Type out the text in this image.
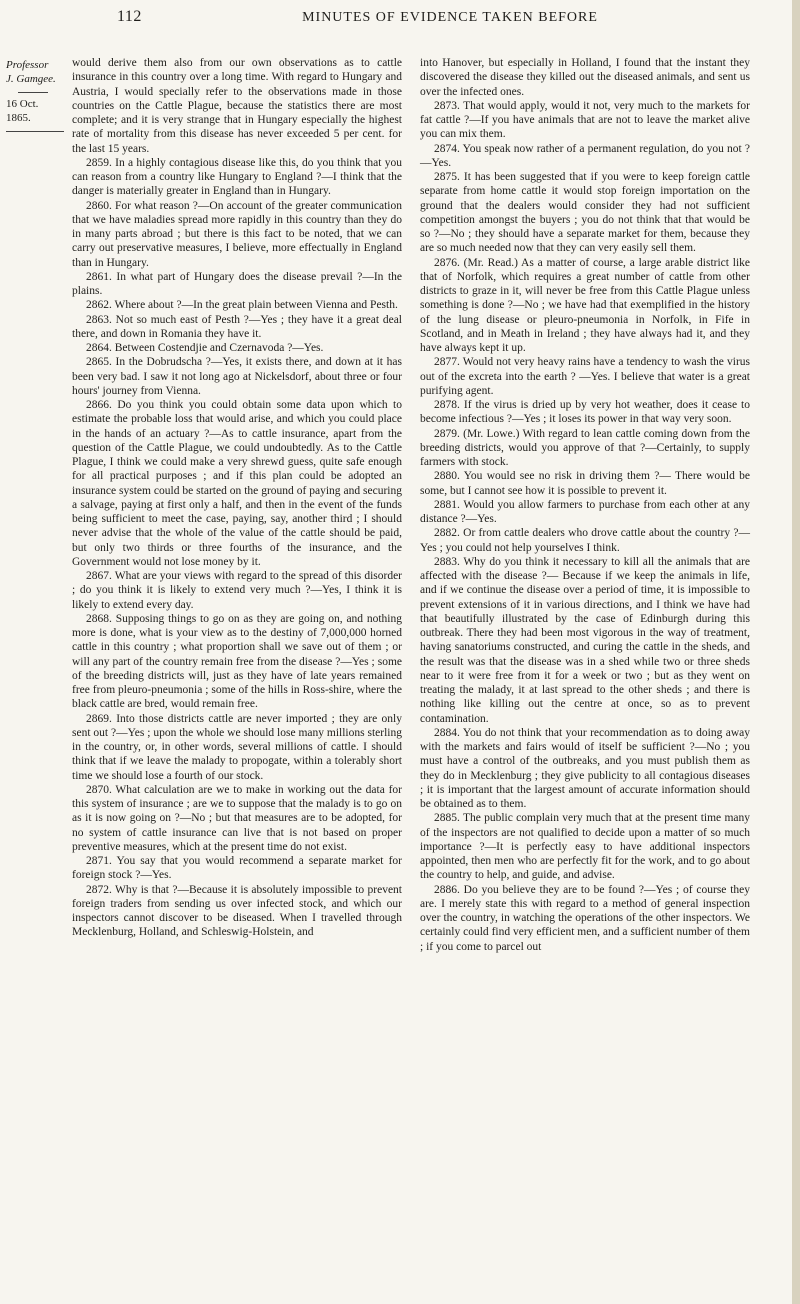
112	MINUTES OF EVIDENCE TAKEN BEFORE
Professor
J. Gamgee.
16 Oct. 1865.

would derive them also from our own observations as to cattle insurance in this country over a long time. With regard to Hungary and Austria, I would specially refer to the observations made in those countries on the Cattle Plague, because the statistics there are most complete; and it is very strange that in Hungary especially the highest rate of mortality from this disease has never exceeded 5 per cent. for the last 15 years.

2859. In a highly contagious disease like this, do you think that you can reason from a country like Hungary to England ?—I think that the danger is materially greater in England than in Hungary.

2860. For what reason ?—On account of the greater communication that we have maladies spread more rapidly in this country than they do in many parts abroad ; but there is this fact to be noted, that we can carry out preservative measures, I believe, more effectually in England than in Hungary.

2861. In what part of Hungary does the disease prevail ?—In the plains.

2862. Where about ?—In the great plain between Vienna and Pesth.

2863. Not so much east of Pesth ?—Yes ; they have it a great deal there, and down in Romania they have it.

2864. Between Costendjie and Czernavoda ?—Yes.

2865. In the Dobrudscha ?—Yes, it exists there, and down at it has been very bad. I saw it not long ago at Nickelsdorf, about three or four hours' journey from Vienna.

2866. Do you think you could obtain some data upon which to estimate the probable loss that would arise, and which you could place in the hands of an actuary ?—As to cattle insurance, apart from the question of the Cattle Plague, we could undoubtedly. As to the Cattle Plague, I think we could make a very shrewd guess, quite safe enough for all practical purposes ; and if this plan could be adopted an insurance system could be started on the ground of paying and securing a salvage, paying at first only a half, and then in the event of the funds being sufficient to meet the case, paying, say, another third ; I should never advise that the whole of the value of the cattle should be paid, but only two thirds or three fourths of the insurance, and the Government would not lose money by it.

2867. What are your views with regard to the spread of this disorder ; do you think it is likely to extend very much ?—Yes, I think it is likely to extend every day.

2868. Supposing things to go on as they are going on, and nothing more is done, what is your view as to the destiny of 7,000,000 horned cattle in this country ; what proportion shall we save out of them ; or will any part of the country remain free from the disease ?—Yes ; some of the breeding districts will, just as they have of late years remained free from pleuro-pneumonia ; some of the hills in Ross-shire, where the black cattle are bred, would remain free.

2869. Into those districts cattle are never imported ; they are only sent out ?—Yes ; upon the whole we should lose many millions sterling in the country, or, in other words, several millions of cattle. I should think that if we leave the malady to propogate, within a tolerably short time we should lose a fourth of our stock.

2870. What calculation are we to make in working out the data for this system of insurance ; are we to suppose that the malady is to go on as it is now going on ?—No ; but that measures are to be adopted, for no system of cattle insurance can live that is not based on proper preventive measures, which at the present time do not exist.

2871. You say that you would recommend a separate market for foreign stock ?—Yes.

2872. Why is that ?—Because it is absolutely impossible to prevent foreign traders from sending us over infected stock, and which our inspectors cannot discover to be diseased. When I travelled through Mecklenburg, Holland, and Schleswig-Holstein, and

into Hanover, but especially in Holland, I found that the instant they discovered the disease they killed out the diseased animals, and sent us over the infected ones.

2873. That would apply, would it not, very much to the markets for fat cattle ?—If you have animals that are not to leave the market alive you can mix them.

2874. You speak now rather of a permanent regulation, do you not ?—Yes.

2875. It has been suggested that if you were to keep foreign cattle separate from home cattle it would stop foreign importation on the ground that the dealers would consider they had not sufficient competition amongst the buyers ; you do not think that that would be so ?—No ; they should have a separate market for them, because they are so much needed now that they can very easily sell them.

2876. (Mr. Read.) As a matter of course, a large arable district like that of Norfolk, which requires a great number of cattle from other districts to graze in it, will never be free from this Cattle Plague unless something is done ?—No ; we have had that exemplified in the history of the lung disease or pleuro-pneumonia in Norfolk, in Fife in Scotland, and in Meath in Ireland ; they have always had it, and they have always kept it up.

2877. Would not very heavy rains have a tendency to wash the virus out of the excreta into the earth ? —Yes. I believe that water is a great purifying agent.

2878. If the virus is dried up by very hot weather, does it cease to become infectious ?—Yes ; it loses its power in that way very soon.

2879. (Mr. Lowe.) With regard to lean cattle coming down from the breeding districts, would you approve of that ?—Certainly, to supply farmers with stock.

2880. You would see no risk in driving them ?— There would be some, but I cannot see how it is possible to prevent it.

2881. Would you allow farmers to purchase from each other at any distance ?—Yes.

2882. Or from cattle dealers who drove cattle about the country ?—Yes ; you could not help yourselves I think.

2883. Why do you think it necessary to kill all the animals that are affected with the disease ?— Because if we keep the animals in life, and if we continue the disease over a period of time, it is impossible to prevent extensions of it in various directions, and I think we have had that beautifully illustrated by the case of Edinburgh during this outbreak. There they had been most vigorous in the way of treatment, having sanatoriums constructed, and curing the cattle in the sheds, and the result was that the disease was in a shed while two or three sheds near to it were free from it for a week or two ; but as they went on treating the malady, it at last spread to the other sheds ; and there is nothing like killing out the centre at once, so as to prevent contamination.

2884. You do not think that your recommendation as to doing away with the markets and fairs would of itself be sufficient ?—No ; you must have a control of the outbreaks, and you must publish them as they do in Mecklenburg ; they give publicity to all contagious diseases ; it is important that the largest amount of accurate information should be obtained as to them.

2885. The public complain very much that at the present time many of the inspectors are not qualified to decide upon a matter of so much importance ?—It is perfectly easy to have additional inspectors appointed, then men who are perfectly fit for the work, and to go about the country to help, and guide, and advise.

2886. Do you believe they are to be found ?—Yes ; of course they are. I merely state this with regard to a method of general inspection over the country, in watching the operations of the other inspectors. We certainly could find very efficient men, and a sufficient number of them ; if you come to parcel out
